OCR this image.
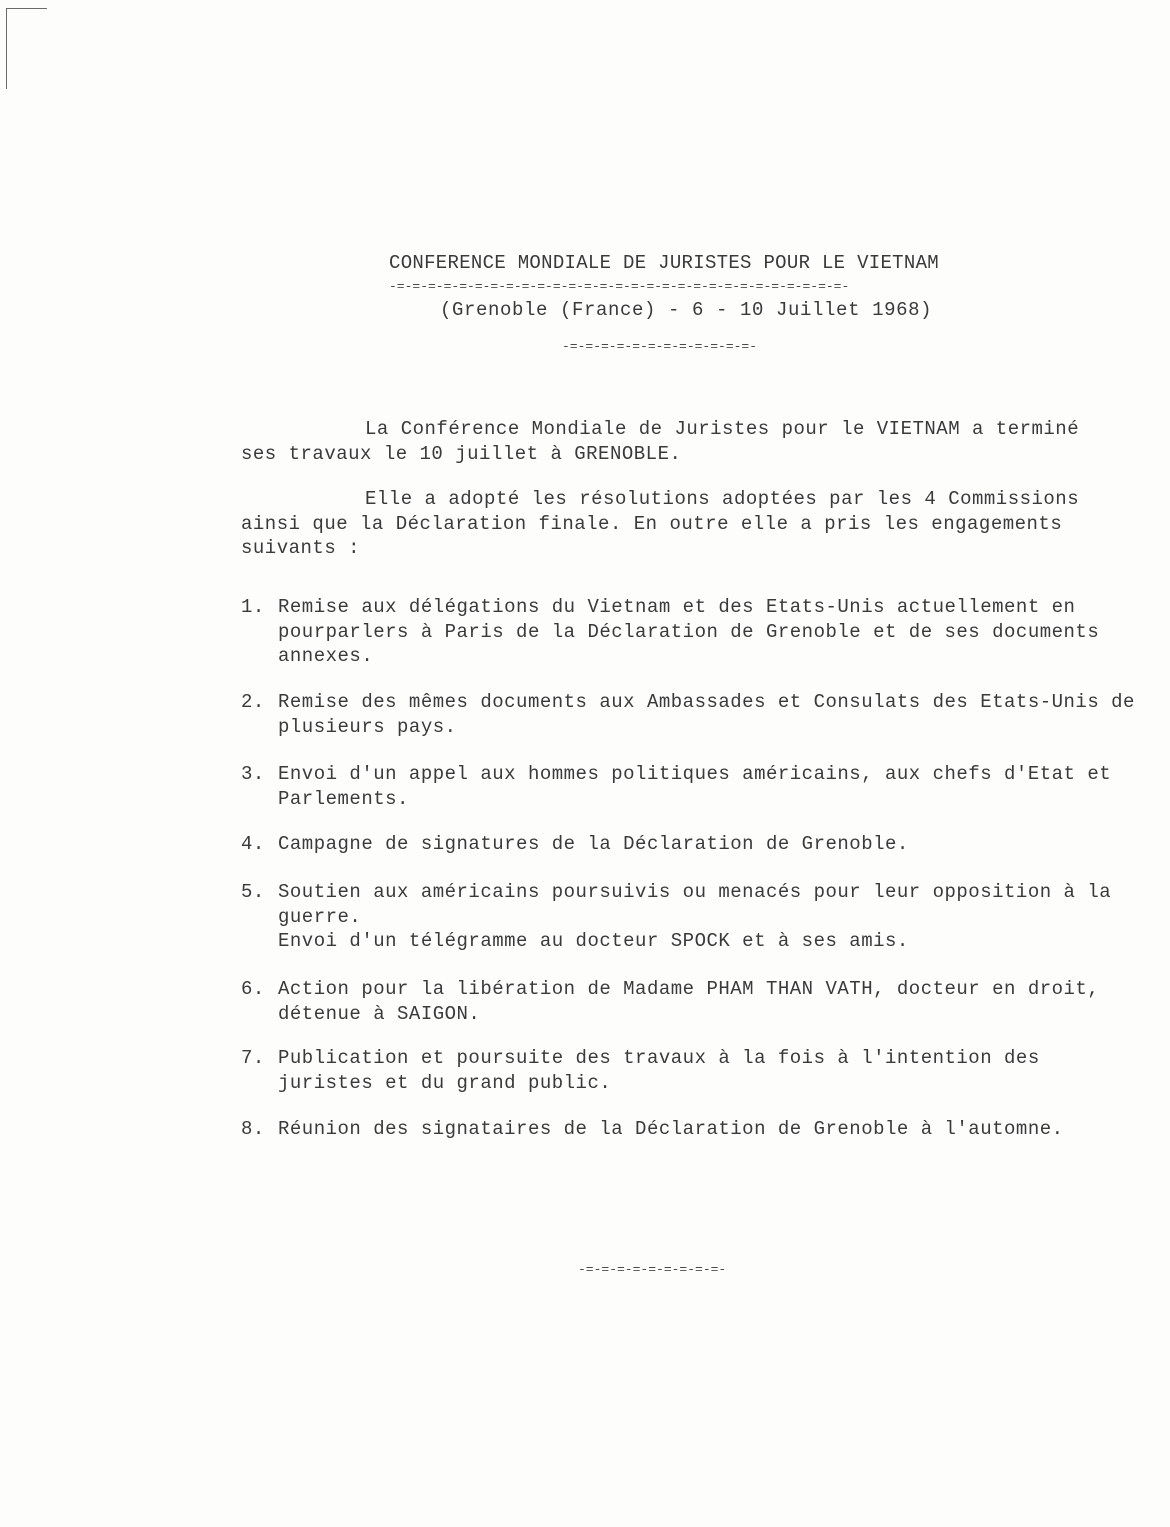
CONFERENCE MONDIALE DE JURISTES POUR LE VIETNAM
-=-=-=-=-=-=-=-=-=-=-=-=-=-=-=-=-=-=-=-=-=-=-=-=-=-=-=-=-=-
(Grenoble (France) - 6 - 10 Juillet 1968)
-=-=-=-=-=-=-=-=-=-=-=-=-
La Conférence Mondiale de Juristes pour le VIETNAM a terminé ses travaux le 10 juillet à GRENOBLE.
Elle a adopté les résolutions adoptées par les 4 Commissions ainsi que la Déclaration finale. En outre elle a pris les engagements suivants :
1. Remise aux délégations du Vietnam et des Etats-Unis actuellement en pourparlers à Paris de la Déclaration de Grenoble et de ses documents annexes.
2. Remise des mêmes documents aux Ambassades et Consulats des Etats-Unis de plusieurs pays.
3. Envoi d'un appel aux hommes politiques américains, aux chefs d'Etat et Parlements.
4. Campagne de signatures de la Déclaration de Grenoble.
5. Soutien aux américains poursuivis ou menacés pour leur opposition à la guerre.
Envoi d'un télégramme au docteur SPOCK et à ses amis.
6. Action pour la libération de Madame PHAM THAN VATH, docteur en droit, détenue à SAIGON.
7. Publication et poursuite des travaux à la fois à l'intention des juristes et du grand public.
8. Réunion des signataires de la Déclaration de Grenoble à l'automne.
-=-=-=-=-=-=-=-=-=-
